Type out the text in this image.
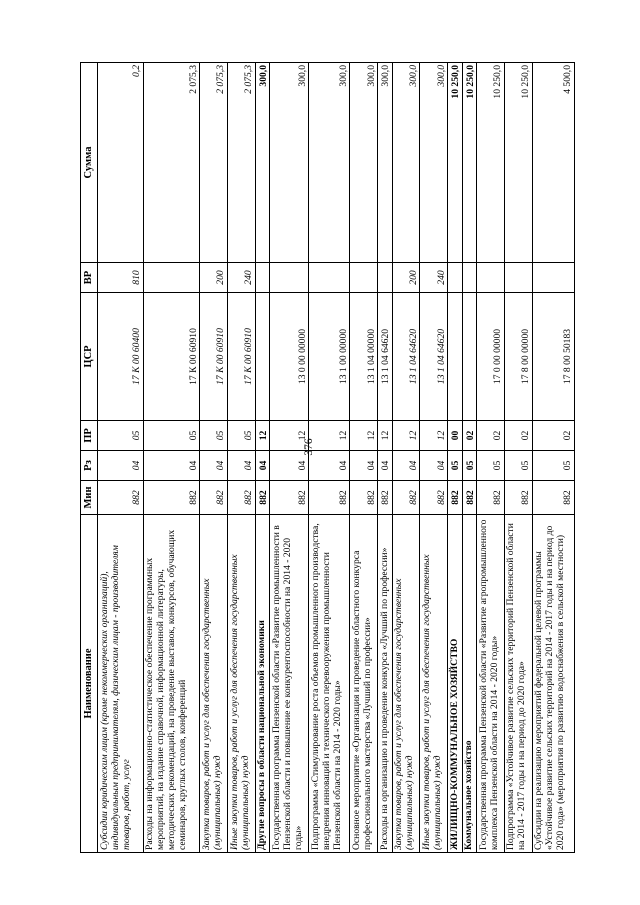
376
Наименование	Мин	Рз	ПР	ЦСР	ВР	Сумма
Субсидии юридическим лицам (кроме некоммерческих организаций), индивидуальным предпринимателям, физическим лицам - производителям товаров, работ, услуг	882	04	05	17 К 00 60400	810	0,2
Расходы на информационно-статистическое обеспечение программных мероприятий, на издание справочной, информационной литературы, методических рекомендаций, на проведение выставок, конкурсов, обучающих семинаров, круглых столов, конференций	882	04	05	17 К 00 60910		2 075,3
Закупка товаров, работ и услуг для обеспечения государственных (муниципальных) нужд	882	04	05	17 К 00 60910	200	2 075,3
Иные закупки товаров, работ и услуг для обеспечения государственных (муниципальных) нужд	882	04	05	17 К 00 60910	240	2 075,3
Другие вопросы в области национальной экономики	882	04	12			300,0
Государственная программа Пензенской области «Развитие промышленности в Пензенской области и повышение ее конкурентоспособности на 2014 - 2020 годы»	882	04	12	13 0 00 00000		300,0
Подпрограмма «Стимулирование роста объемов промышленного производства, внедрения инноваций и технического перевооружения промышленности Пензенской области на 2014 - 2020 годы»	882	04	12	13 1 00 00000		300,0
Основное мероприятие «Организация и проведение областного конкурса профессионального мастерства «Лучший по профессии»	882	04	12	13 1 04 00000		300,0
Расходы на организацию и проведение конкурса «Лучший по профессии»	882	04	12	13 1 04 64620		300,0
Закупка товаров, работ и услуг для обеспечения государственных (муниципальных) нужд	882	04	12	13 1 04 64620	200	300,0
Иные закупки товаров, работ и услуг для обеспечения государственных (муниципальных) нужд	882	04	12	13 1 04 64620	240	300,0
ЖИЛИЩНО-КОММУНАЛЬНОЕ ХОЗЯЙСТВО	882	05	00			10 250,0
Коммунальное хозяйство	882	05	02			10 250,0
Государственная программа Пензенской области «Развитие агропромышленного комплекса Пензенской области на 2014 - 2020 годы»	882	05	02	17 0 00 00000		10 250,0
Подпрограмма «Устойчивое развитие сельских территорий Пензенской области на 2014 - 2017 годы и на период до 2020 года»	882	05	02	17 8 00 00000		10 250,0
Субсидии на реализацию мероприятий федеральной целевой программы «Устойчивое развитие сельских территорий на 2014 - 2017 годы и на период до 2020 года» (мероприятия по развитию водоснабжения в сельской местности)	882	05	02	17 8 00 50183		4 500,0
